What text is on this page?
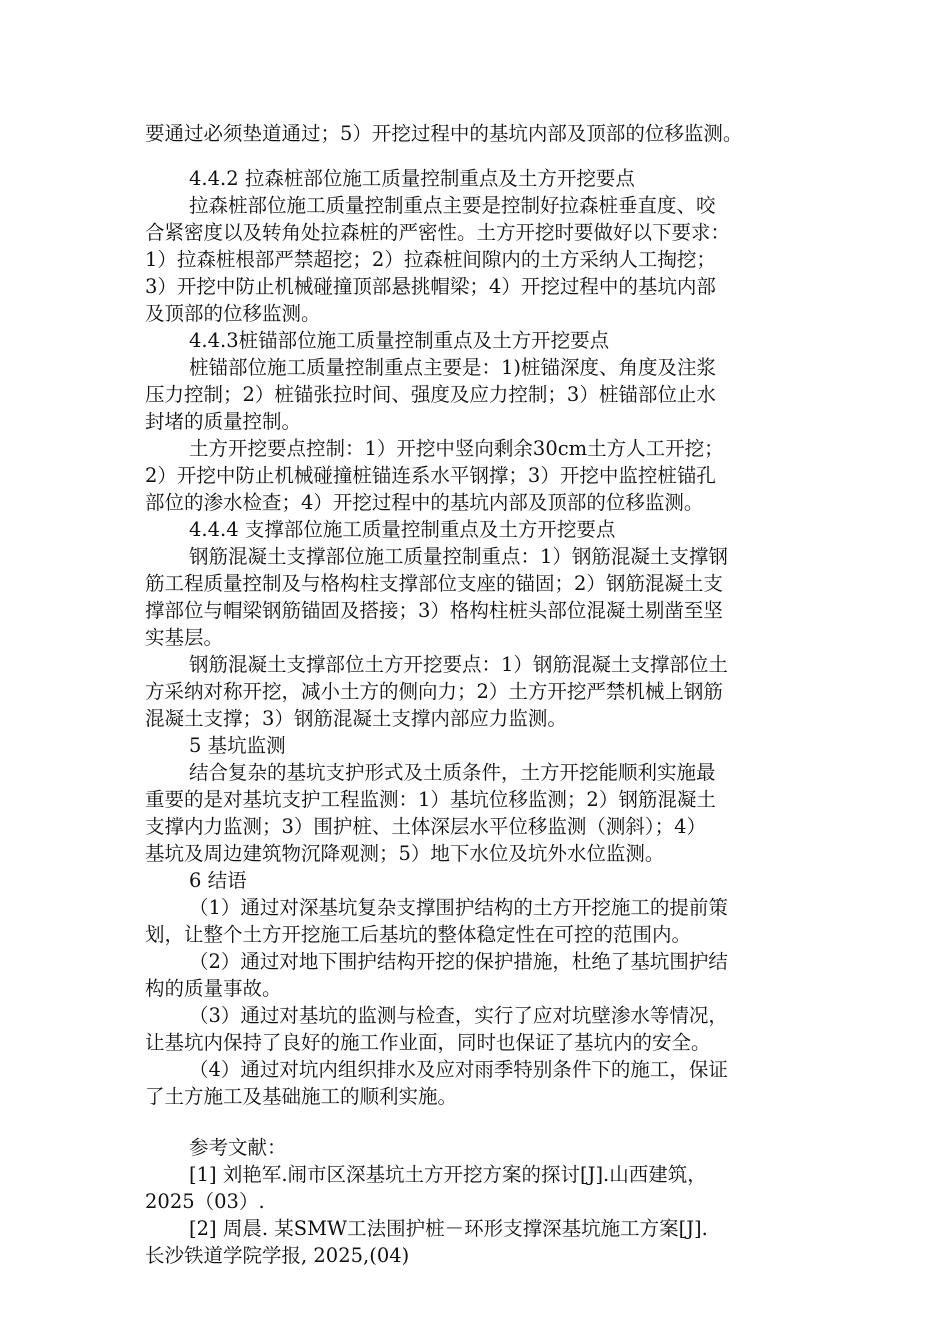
要通过必须垫道通过；5）开挖过程中的基坑内部及顶部的位移监测。
4.4.2 拉森桩部位施工质量控制重点及土方开挖要点
拉森桩部位施工质量控制重点主要是控制好拉森桩垂直度、咬
合紧密度以及转角处拉森桩的严密性。土方开挖时要做好以下要求：
1）拉森桩根部严禁超挖；2）拉森桩间隙内的土方采纳人工掏挖；
3）开挖中防止机械碰撞顶部悬挑帽梁；4）开挖过程中的基坑内部
及顶部的位移监测。
4.4.3桩锚部位施工质量控制重点及土方开挖要点
桩锚部位施工质量控制重点主要是：1)桩锚深度、角度及注浆
压力控制；2）桩锚张拉时间、强度及应力控制；3）桩锚部位止水
封堵的质量控制。
土方开挖要点控制：1）开挖中竖向剩余30cm土方人工开挖；
2）开挖中防止机械碰撞桩锚连系水平钢撑；3）开挖中监控桩锚孔
部位的渗水检查；4）开挖过程中的基坑内部及顶部的位移监测。
4.4.4 支撑部位施工质量控制重点及土方开挖要点
钢筋混凝土支撑部位施工质量控制重点：1）钢筋混凝土支撑钢
筋工程质量控制及与格构柱支撑部位支座的锚固；2）钢筋混凝土支
撑部位与帽梁钢筋锚固及搭接；3）格构柱桩头部位混凝土剔凿至坚
实基层。
钢筋混凝土支撑部位土方开挖要点：1）钢筋混凝土支撑部位土
方采纳对称开挖，减小土方的侧向力；2）土方开挖严禁机械上钢筋
混凝土支撑；3）钢筋混凝土支撑内部应力监测。
5 基坑监测
结合复杂的基坑支护形式及土质条件，土方开挖能顺利实施最
重要的是对基坑支护工程监测：1）基坑位移监测；2）钢筋混凝土
支撑内力监测；3）围护桩、土体深层水平位移监测（测斜）；4）
基坑及周边建筑物沉降观测；5）地下水位及坑外水位监测。
6 结语
（1）通过对深基坑复杂支撑围护结构的土方开挖施工的提前策
划，让整个土方开挖施工后基坑的整体稳定性在可控的范围内。
（2）通过对地下围护结构开挖的保护措施，杜绝了基坑围护结
构的质量事故。
（3）通过对基坑的监测与检查，实行了应对坑壁渗水等情况，
让基坑内保持了良好的施工作业面，同时也保证了基坑内的安全。
（4）通过对坑内组织排水及应对雨季特别条件下的施工，保证
了土方施工及基础施工的顺利实施。
参考文献：
[1] 刘艳军.闹市区深基坑土方开挖方案的探讨[J].山西建筑，
2025（03）.
[2] 周晨. 某SMW工法围护桩－环形支撑深基坑施工方案[J].
长沙铁道学院学报, 2025,(04)
